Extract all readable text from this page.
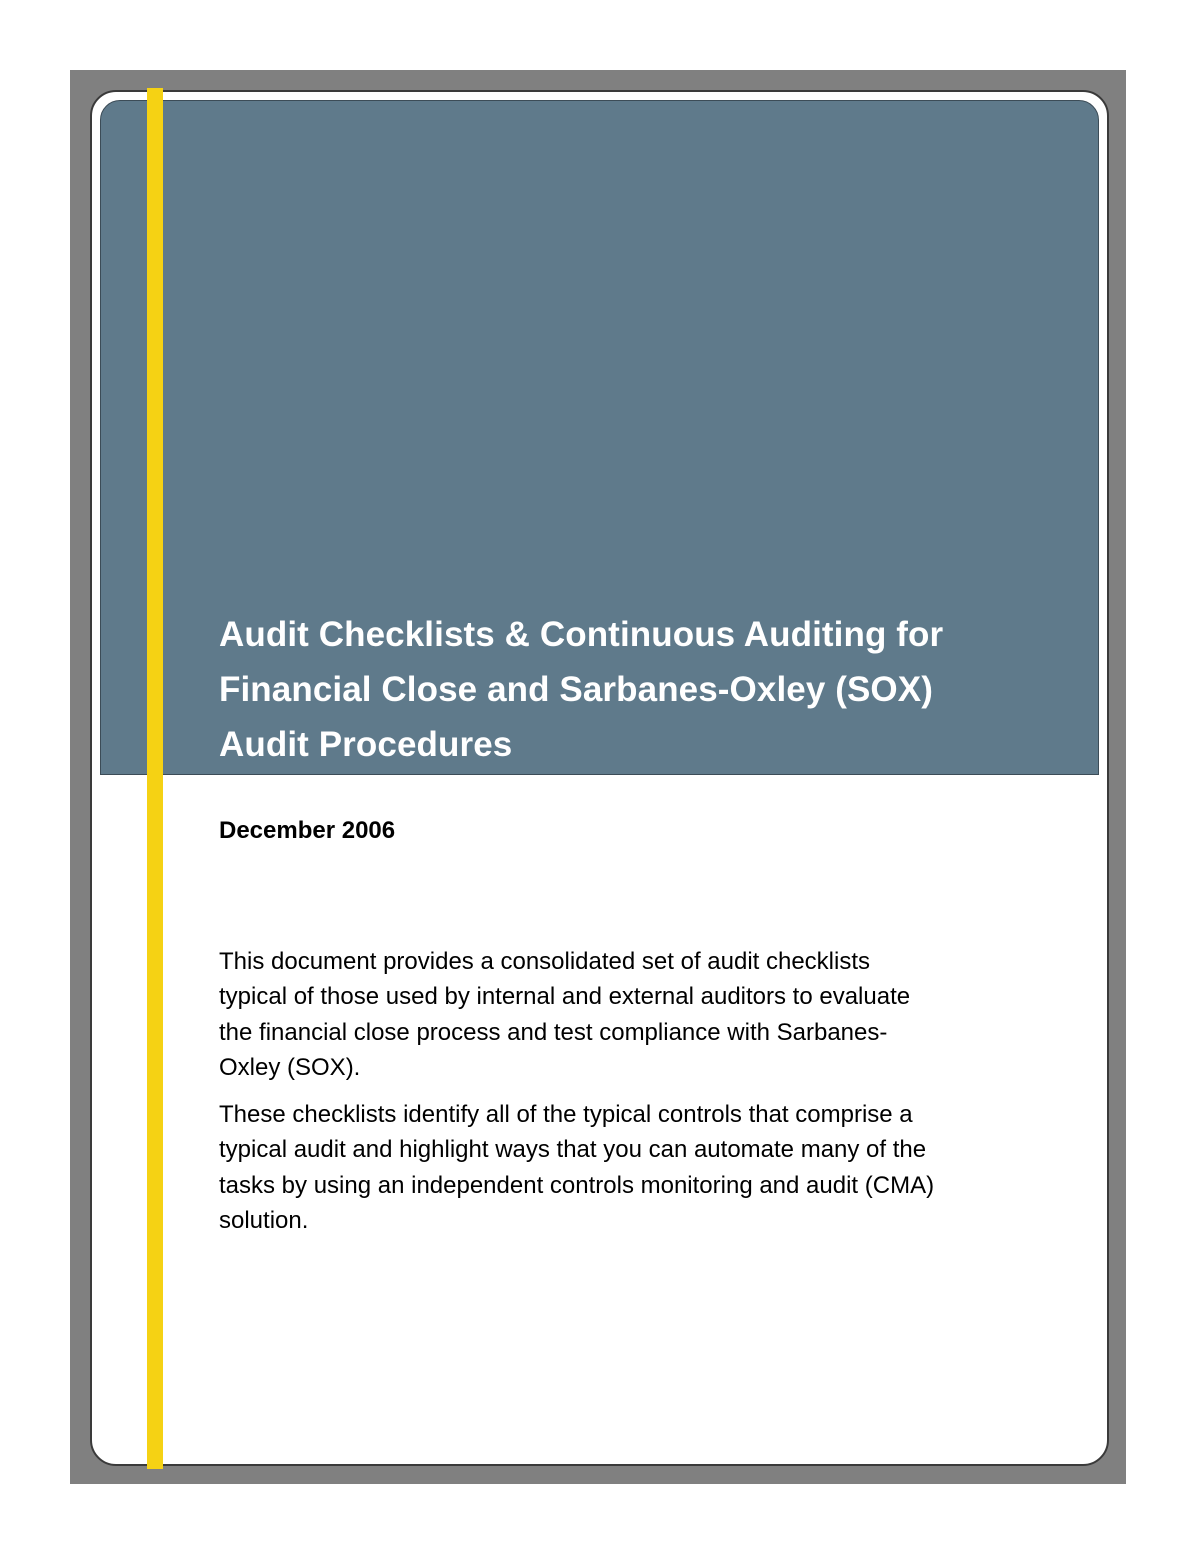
Audit Checklists & Continuous Auditing for
Financial Close and Sarbanes-Oxley (SOX)
Audit Procedures

December 2006

This document provides a consolidated set of audit checklists
typical of those used by internal and external auditors to evaluate
the financial close process and test compliance with Sarbanes-
Oxley (SOX).

These checklists identify all of the typical controls that comprise a
typical audit and highlight ways that you can automate many of the
tasks by using an independent controls monitoring and audit (CMA)
solution.
